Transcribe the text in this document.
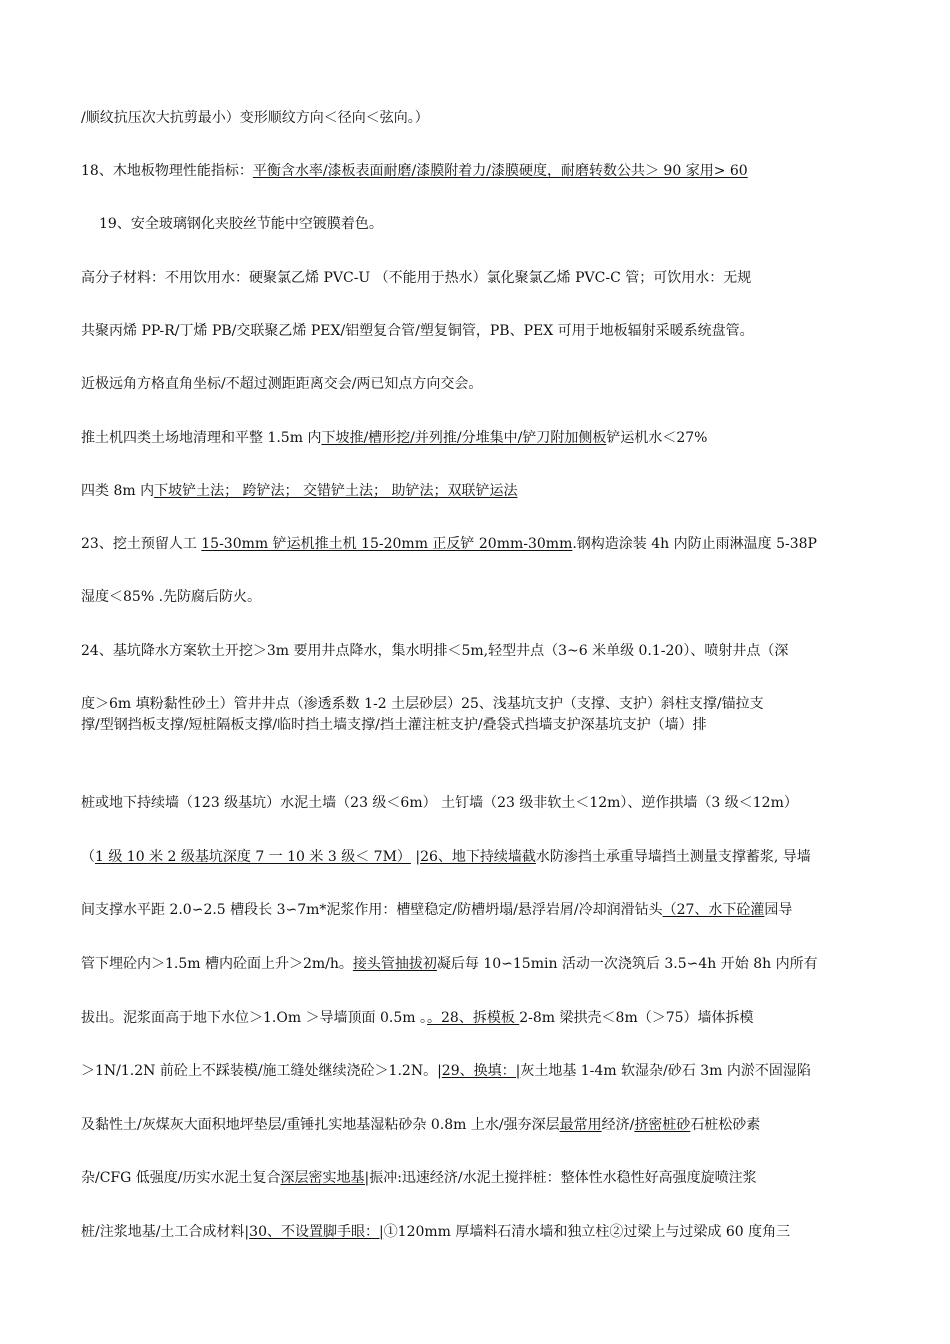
/顺纹抗压次大抗剪最小）变形顺纹方向＜径向＜弦向。）
18、木地板物理性能指标：平衡含水率/漆板表面耐磨/漆膜附着力/漆膜硬度，耐磨转数公共＞ 90 家用> 60
19、安全玻璃钢化夹胶丝节能中空镀膜着色。
高分子材料：不用饮用水：硬聚氯乙烯 PVC-U （不能用于热水）氯化聚氯乙烯 PVC-C 管；可饮用水：无规
共聚丙烯 PP-R/丁烯 PB/交联聚乙烯 PEX/铝塑复合管/塑复铜管，PB、PEX 可用于地板辐射采暖系统盘管。
近极远角方格直角坐标/不超过测距距离交会/两已知点方向交会。
推土机四类土场地清理和平整 1.5m 内下坡推/槽形挖/并列推/分堆集中/铲刀附加侧板铲运机水＜27%
四类 8m 内下坡铲土法； 跨铲法； 交错铲土法； 助铲法；双联铲运法
23、挖土预留人工 15-30mm 铲运机推土机 15-20mm 正反铲 20mm-30mm.钢构造涂装 4h 内防止雨淋温度 5-38P
湿度＜85% .先防腐后防火。
24、基坑降水方案软土开挖＞3m 要用井点降水，集水明排＜5m,轻型井点（3~6 米单级 0.1-20）、喷射井点（深
度＞6m 填粉黏性砂土）管井井点（渗透系数 1-2 土层砂层）25、浅基坑支护（支撑、支护）斜柱支撑/锚拉支
撑/型钢挡板支撑/短桩隔板支撑/临时挡土墙支撑/挡土灌注桩支护/叠袋式挡墙支护深基坑支护（墙）排
桩或地下持续墙（123 级基坑）水泥土墙（23 级＜6m） 土钉墙（23 级非软土＜12m）、逆作拱墙（3 级＜12m）
（1 级 10 米 2 级基坑深度 7 一 10 米 3 级＜ 7M） |26、地下持续墙截水防渗挡土承重导墙挡土测量支撑蓄浆, 导墙
间支撑水平距 2.0∽2.5 槽段长 3∽7m*泥浆作用：槽壁稳定/防槽坍塌/悬浮岩屑/冷却润滑钻头（27、水下砼灌园导
管下埋砼内＞1.5m 槽内砼面上升＞2m/h。接头管抽拔初凝后每 10∽15min 活动一次浇筑后 3.5∽4h 开始 8h 内所有
拔出。泥浆面高于地下水位＞1.Om ＞导墙顶面 0.5m 。。28、拆模板 2-8m 梁拱壳＜8m（＞75）墙体拆模
＞1N/1.2N 前砼上不踩装模/施工缝处继续浇砼＞1.2N。|29、换填：|灰土地基 1-4m 软湿杂/砂石 3m 内淤不固湿陷
及黏性土/灰煤灰大面积地坪垫层/重锤扎实地基湿粘砂杂 0.8m 上水/强夯深层最常用经济/挤密桩砂石桩松砂素
杂/CFG 低强度/历实水泥土复合深层密实地基|振冲:迅速经济/水泥土搅拌桩：整体性水稳性好高强度旋喷注浆
桩/注浆地基/土工合成材料|30、不设置脚手眼：|①120mm 厚墙料石清水墙和独立柱②过梁上与过梁成 60 度角三
